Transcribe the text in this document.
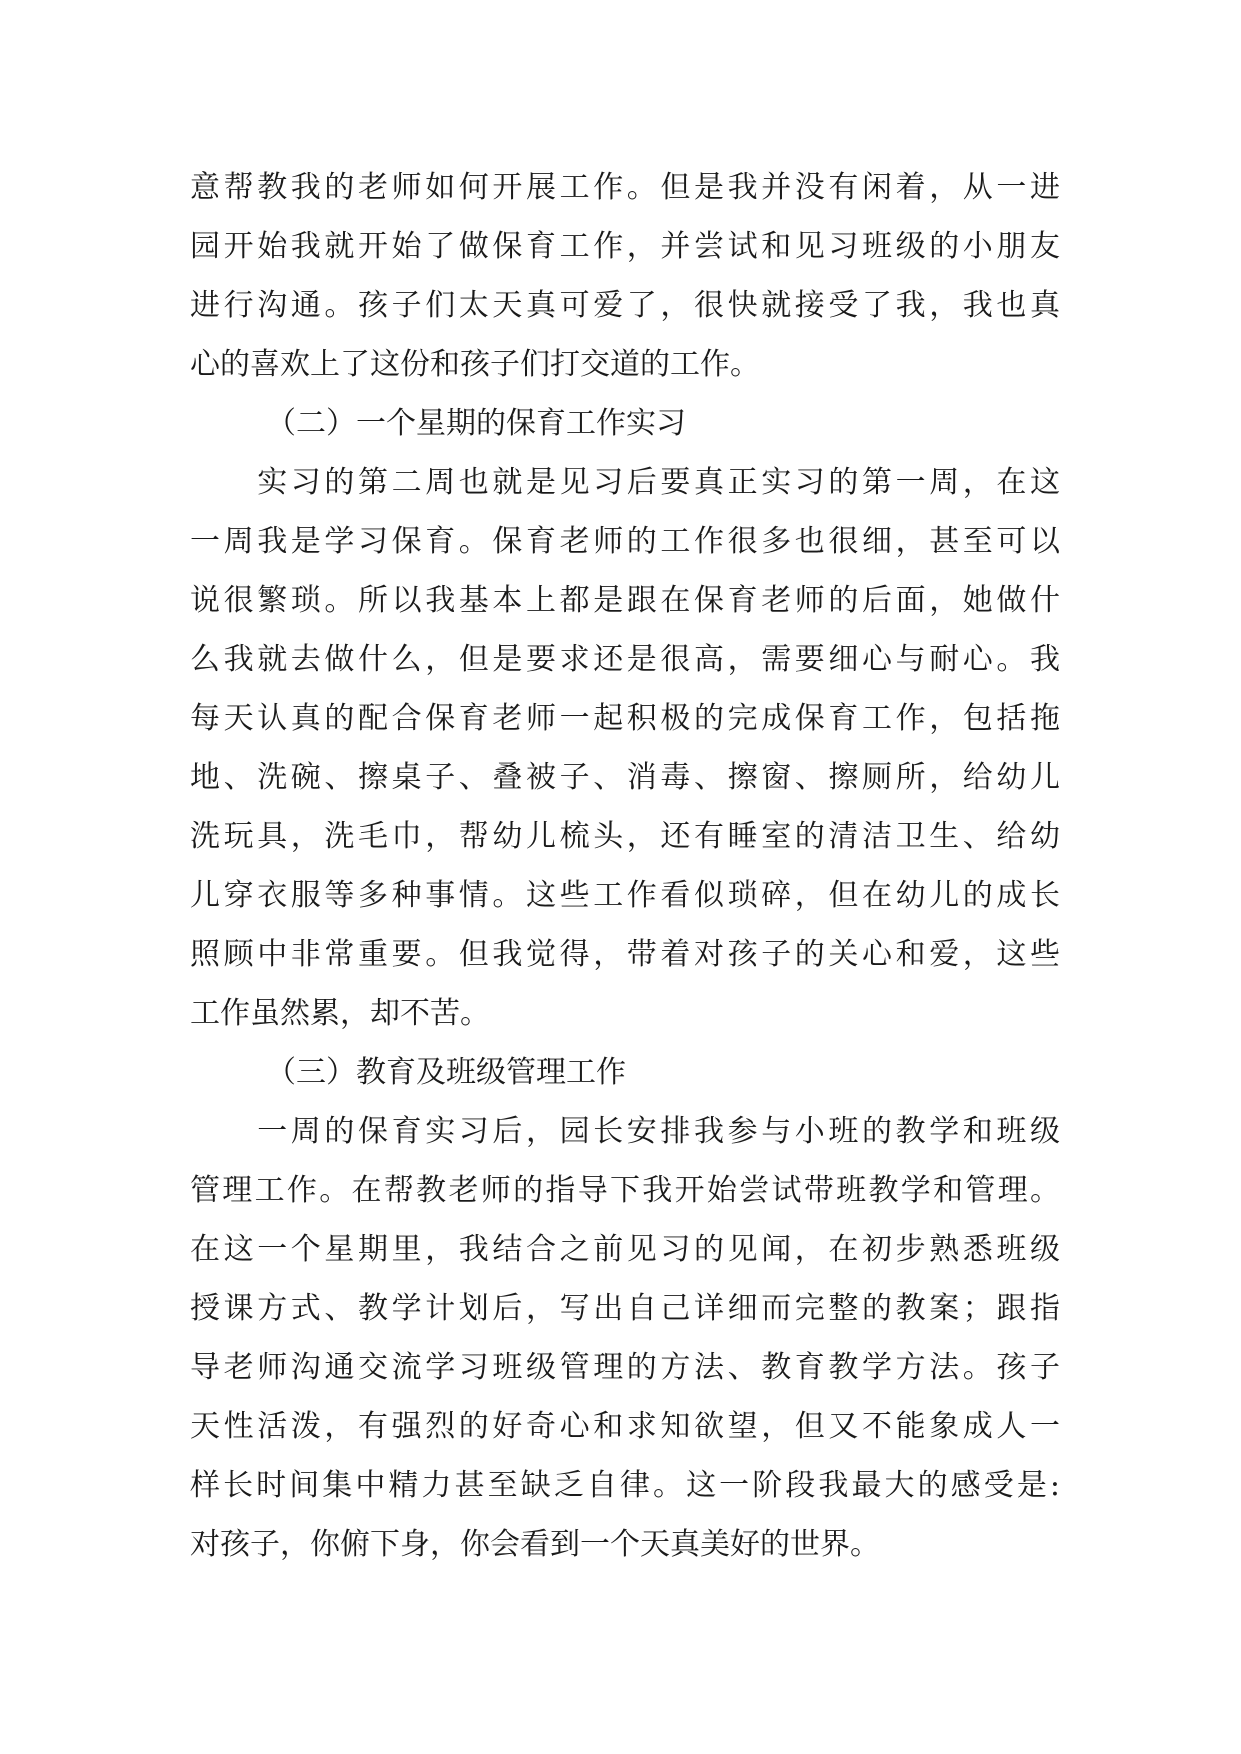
意帮教我的老师如何开展工作。但是我并没有闲着，从一进
园开始我就开始了做保育工作，并尝试和见习班级的小朋友
进行沟通。孩子们太天真可爱了，很快就接受了我，我也真
心的喜欢上了这份和孩子们打交道的工作。
（二）一个星期的保育工作实习
　　实习的第二周也就是见习后要真正实习的第一周，在这
一周我是学习保育。保育老师的工作很多也很细，甚至可以
说很繁琐。所以我基本上都是跟在保育老师的后面，她做什
么我就去做什么，但是要求还是很高，需要细心与耐心。我
每天认真的配合保育老师一起积极的完成保育工作，包括拖
地、洗碗、擦桌子、叠被子、消毒、擦窗、擦厕所，给幼儿
洗玩具，洗毛巾，帮幼儿梳头，还有睡室的清洁卫生、给幼
儿穿衣服等多种事情。这些工作看似琐碎，但在幼儿的成长
照顾中非常重要。但我觉得，带着对孩子的关心和爱，这些
工作虽然累，却不苦。
（三）教育及班级管理工作
　　一周的保育实习后，园长安排我参与小班的教学和班级
管理工作。在帮教老师的指导下我开始尝试带班教学和管理。
在这一个星期里，我结合之前见习的见闻，在初步熟悉班级
授课方式、教学计划后，写出自己详细而完整的教案；跟指
导老师沟通交流学习班级管理的方法、教育教学方法。孩子
天性活泼，有强烈的好奇心和求知欲望，但又不能象成人一
样长时间集中精力甚至缺乏自律。这一阶段我最大的感受是:
对孩子，你俯下身，你会看到一个天真美好的世界。
